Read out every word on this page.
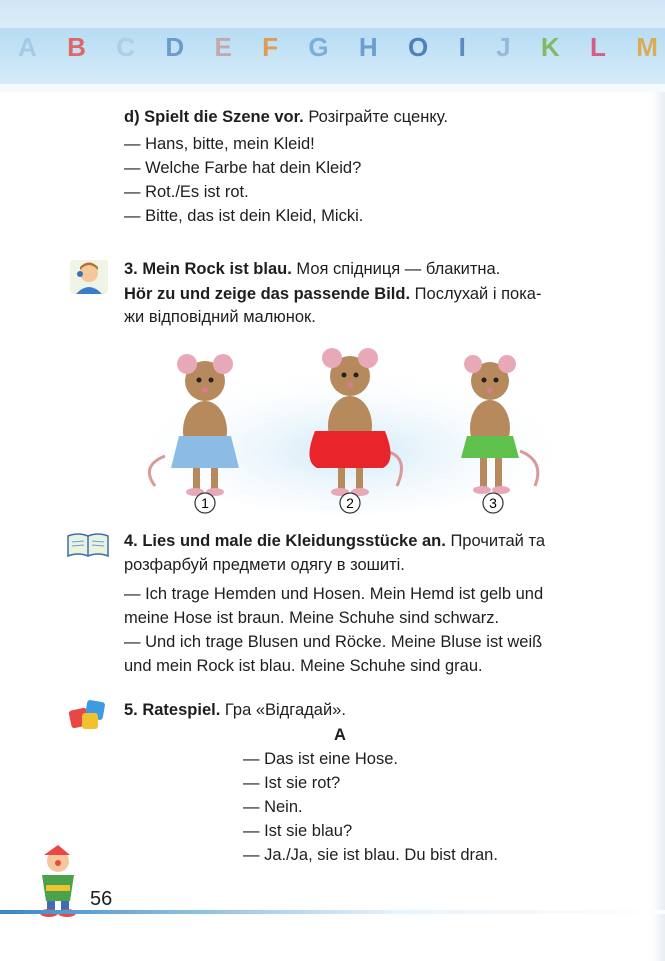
A B C D E F G H O I J K L M
d) Spielt die Szene vor. Розіграйте сценку.
— Hans, bitte, mein Kleid!
— Welche Farbe hat dein Kleid?
— Rot./Es ist rot.
— Bitte, das ist dein Kleid, Micki.
3. Mein Rock ist blau. Моя спідниця — блакитна.
Hör zu und zeige das passende Bild. Послухай і пока-
жи відповідний малюнок.
1	2	3
4. Lies und male die Kleidungsstücke an. Прочитай та
розфарбуй предмети одягу в зошиті.
— Ich trage Hemden und Hosen. Mein Hemd ist gelb und
meine Hose ist braun. Meine Schuhe sind schwarz.
— Und ich trage Blusen und Röcke. Meine Bluse ist weiß
und mein Rock ist blau. Meine Schuhe sind grau.
5. Ratespiel. Гра «Відгадай».
A
— Das ist eine Hose.
— Ist sie rot?
— Nein.
— Ist sie blau?
— Ja./Ja, sie ist blau. Du bist dran.
56
